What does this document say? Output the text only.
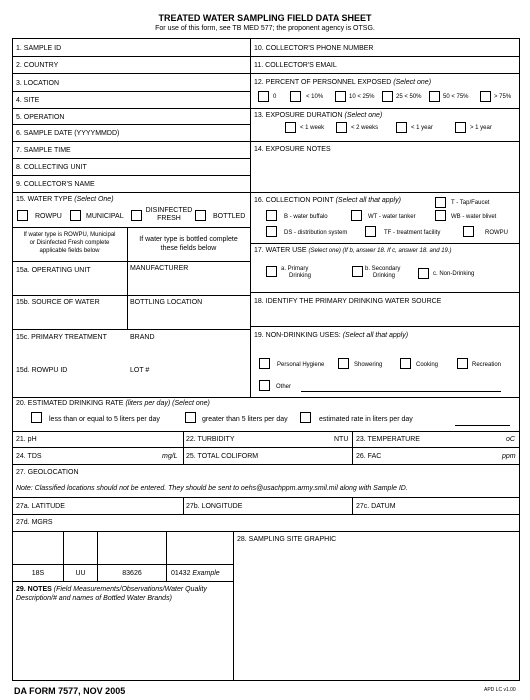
TREATED WATER SAMPLING FIELD DATA SHEET
For use of this form, see TB MED 577; the proponent agency is OTSG.
1. SAMPLE ID
2. COUNTRY
3. LOCATION
4. SITE
5. OPERATION
6. SAMPLE DATE (YYYYMMDD)
7. SAMPLE TIME
8. COLLECTING UNIT
9. COLLECTOR'S NAME
15. WATER TYPE (Select One)
ROWPU	MUNICIPAL
DISINFECTED
FRESH	BOTTLED
If water type is ROWPU, Municipal
or Disinfected Fresh complete
applicable fields below
If water type is bottled complete
these fields below
15a. OPERATING UNIT	MANUFACTURER
15b. SOURCE OF WATER	BOTTLING LOCATION
15c. PRIMARY TREATMENT	BRAND
15d. ROWPU ID	LOT #
10. COLLECTOR'S PHONE NUMBER
11. COLLECTOR'S EMAIL
12. PERCENT OF PERSONNEL EXPOSED (Select one)
0	< 10%	10 < 25%	25 < 50%	50 < 75%	> 75%
13. EXPOSURE DURATION (Select one)
< 1 week	< 2 weeks	< 1 year	> 1 year
14. EXPOSURE NOTES
16. COLLECTION POINT (Select all that apply)	T - Tap/Faucet
B - water buffalo	WT - water tanker	WB - water blivet
DS - distribution system	TF - treatment facility	ROWPU
17. WATER USE (Select one) (If b, answer 18. If c, answer 18. and 19.)
a. Primary
Drinking
b. Secondary
Drinking	c. Non-Drinking
18. IDENTIFY THE PRIMARY DRINKING WATER SOURCE
19. NON-DRINKING USES: (Select all that apply)
Personal Hygiene	Showering	Cooking	Recreation
Other
20. ESTIMATED DRINKING RATE (liters per day) (Select one)
less than or equal to 5 liters per day	greater than 5 liters per day	estimated rate in liters per day
21. pH	22. TURBIDITY	NTU 23. TEMPERATURE	oC
24. TDS	mg/L 25. TOTAL COLIFORM	26. FAC	ppm
27. GEOLOCATION
Note: Classified locations should not be entered. They should be sent to oehs@usachppm.army.smil.mil along with Sample ID.
27a. LATITUDE	27b. LONGITUDE	27c. DATUM
27d. MGRS
28. SAMPLING SITE GRAPHIC
18S	UU	83626	01432 Example
29. NOTES (Field Measurements/Observations/Water Quality
Description/# and names of Bottled Water Brands)
DA FORM 7577, NOV 2005	APD LC v1.00
